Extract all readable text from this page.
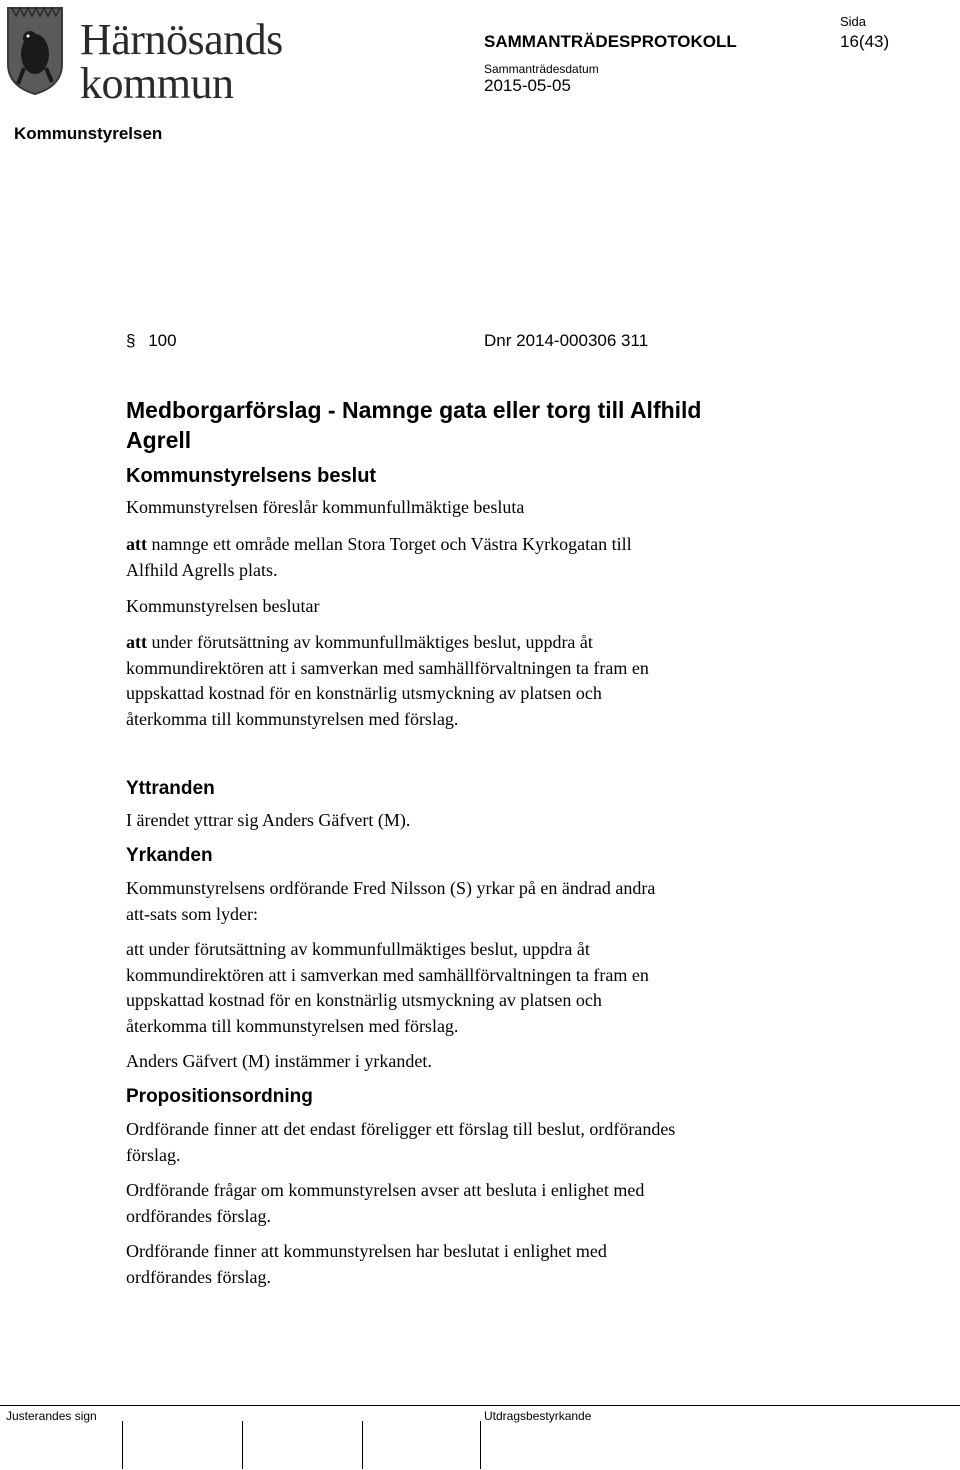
Härnösands
kommun
SAMMANTRÄDESPROTOKOLL
Sida
16(43)
Sammanträdesdatum
2015-05-05
Kommunstyrelsen
§ 100	Dnr 2014-000306 311
Medborgarförslag - Namnge gata eller torg till Alfhild
Agrell
Kommunstyrelsens beslut
Kommunstyrelsen föreslår kommunfullmäktige besluta
att namnge ett område mellan Stora Torget och Västra Kyrkogatan till
Alfhild Agrells plats.
Kommunstyrelsen beslutar
att under förutsättning av kommunfullmäktiges beslut, uppdra åt
kommundirektören att i samverkan med samhällförvaltningen ta fram en
uppskattad kostnad för en konstnärlig utsmyckning av platsen och
återkomma till kommunstyrelsen med förslag.
Yttranden
I ärendet yttrar sig Anders Gäfvert (M).
Yrkanden
Kommunstyrelsens ordförande Fred Nilsson (S) yrkar på en ändrad andra
att-sats som lyder:
att under förutsättning av kommunfullmäktiges beslut, uppdra åt
kommundirektören att i samverkan med samhällförvaltningen ta fram en
uppskattad kostnad för en konstnärlig utsmyckning av platsen och
återkomma till kommunstyrelsen med förslag.
Anders Gäfvert (M) instämmer i yrkandet.
Propositionsordning
Ordförande finner att det endast föreligger ett förslag till beslut, ordförandes
förslag.
Ordförande frågar om kommunstyrelsen avser att besluta i enlighet med
ordförandes förslag.
Ordförande finner att kommunstyrelsen har beslutat i enlighet med
ordförandes förslag.
Justerandes sign	Utdragsbestyrkande
